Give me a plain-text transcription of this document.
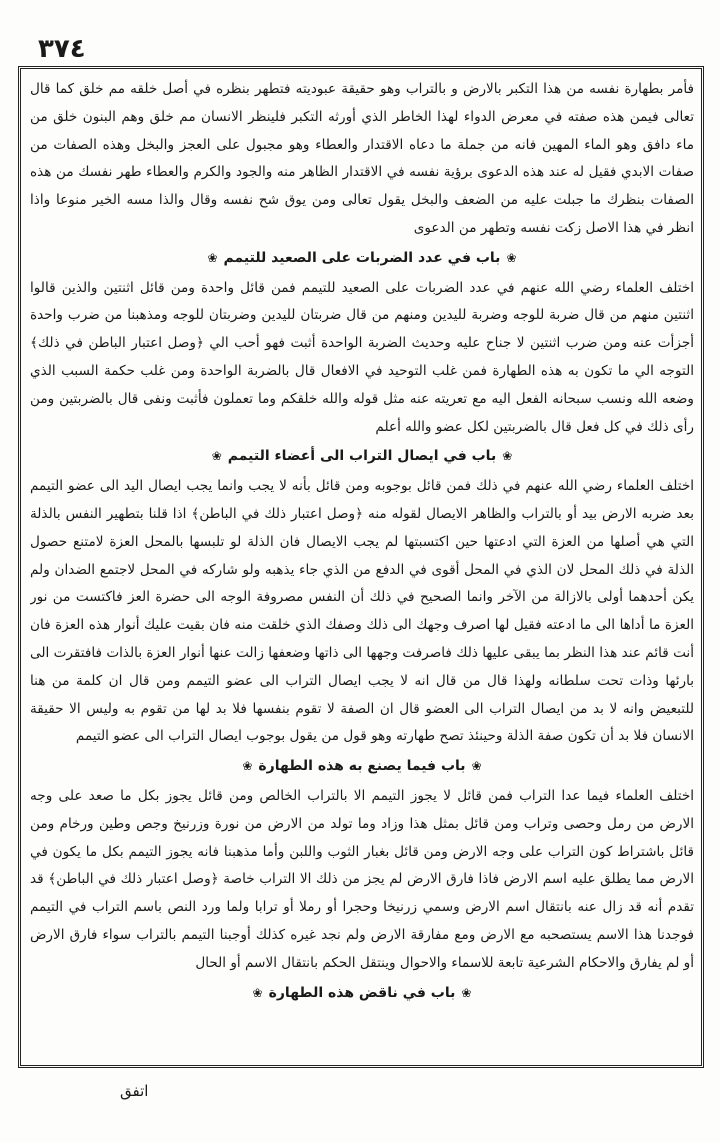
٣٧٤

فأمر بطهارة نفسه من هذا التكبر بالارض و بالتراب وهو حقيقة عبوديته فتطهر بنظره في أصل خلقه مم خلق كما قال تعالى فيمن هذه صفته في معرض الدواء لهذا الخاطر الذي أورثه التكبر فلينظر الانسان مم خلق وهم البنون خلق من ماء دافق وهو الماء المهين فانه من جملة ما دعاه الاقتدار والعطاء وهو مجبول على العجز والبخل وهذه الصفات من صفات الابدي فقيل له عند هذه الدعوى برؤية نفسه في الاقتدار الظاهر منه والجود والكرم والعطاء طهر نفسك من هذه الصفات بنظرك ما جبلت عليه من الضعف والبخل يقول تعالى ومن يوق شح نفسه وقال والذا مسه الخير منوعا واذا انظر في هذا الاصل زكت نفسه وتطهر من الدعوى

❀باب في عدد الضربات على الصعيد للتيمم❀

اختلف العلماء رضي الله عنهم في عدد الضربات على الصعيد للتيمم فمن قائل واحدة ومن قائل اثنتين والذين قالوا اثنتين منهم من قال ضربة للوجه وضربة لليدين ومنهم من قال ضربتان لليدين وضربتان للوجه ومذهبنا من ضرب واحدة أجزأت عنه ومن ضرب اثنتين لا جناح عليه وحديث الضربة الواحدة أثبت فهو أحب الي ﴿وصل اعتبار الباطن في ذلك﴾ التوجه الي ما تكون به هذه الطهارة فمن غلب التوحيد في الافعال قال بالضربة الواحدة ومن غلب حكمة السبب الذي وضعه الله ونسب سبحانه الفعل اليه مع تعريته عنه مثل قوله والله خلقكم وما تعملون فأثبت ونفى قال بالضربتين ومن رأى ذلك في كل فعل قال بالضربتين لكل عضو والله أعلم

❀باب في ايصال التراب الى أعضاء التيمم❀

اختلف العلماء رضي الله عنهم في ذلك فمن قائل بوجوبه ومن قائل بأنه لا يجب وانما يجب ايصال اليد الى عضو التيمم بعد ضربه الارض بيد أو بالتراب والظاهر الايصال لقوله منه ﴿وصل اعتبار ذلك في الباطن﴾ اذا قلنا بتطهير النفس بالذلة التي هي أصلها من العزة التي ادعتها حين اكتسبتها لم يجب الايصال فان الذلة لو تلبسها بالمحل العزة لامتنع حصول الذلة في ذلك المحل لان الذي في المحل أقوى في الدفع من الذي جاء يذهبه ولو شاركه في المحل لاجتمع الضدان ولم يكن أحدهما أولى بالازالة من الآخر وانما الصحيح في ذلك أن النفس مصروفة الوجه الى حضرة العز فاكتست من نور العزة ما أداها الى ما ادعته فقيل لها اصرف وجهك الى ذلك وصفك الذي خلقت منه فان بقيت عليك أنوار هذه العزة فان أنت قائم عند هذا النظر بما يبقى عليها ذلك فاصرفت وجهها الى ذاتها وضعفها زالت عنها أنوار العزة بالذات فافتقرت الى بارئها وذات تحت سلطانه ولهذا قال من قال انه لا يجب ايصال التراب الى عضو التيمم ومن قال ان كلمة من هنا للتبعيض وانه لا بد من ايصال التراب الى العضو قال ان الصفة لا تقوم بنفسها فلا بد لها من تقوم به وليس الا حقيقة الانسان فلا بد أن تكون صفة الذلة وحينئذ تصح طهارته وهو قول من يقول بوجوب ايصال التراب الى عضو التيمم

❀باب فيما يصنع به هذه الطهارة❀

اختلف العلماء فيما عدا التراب فمن قائل لا يجوز التيمم الا بالتراب الخالص ومن قائل يجوز بكل ما صعد على وجه الارض من رمل وحصى وتراب ومن قائل بمثل هذا وزاد وما تولد من الارض من نورة وزرنيخ وجص وطين ورخام ومن قائل باشتراط كون التراب على وجه الارض ومن قائل بغبار الثوب واللبن وأما مذهبنا فانه يجوز التيمم بكل ما يكون في الارض مما يطلق عليه اسم الارض فاذا فارق الارض لم يجز من ذلك الا التراب خاصة ﴿وصل اعتبار ذلك في الباطن﴾ قد تقدم أنه قد زال عنه بانتقال اسم الارض وسمي زرنيخا وحجرا أو رملا أو ترابا ولما ورد النص باسم التراب في التيمم فوجدنا هذا الاسم يستصحبه مع الارض ومع مفارقة الارض ولم نجد غيره كذلك أوجبنا التيمم بالتراب سواء فارق الارض أو لم يفارق والاحكام الشرعية تابعة للاسماء والاحوال وينتقل الحكم بانتقال الاسم أو الحال

❀باب في ناقض هذه الطهارة❀
اتفق
